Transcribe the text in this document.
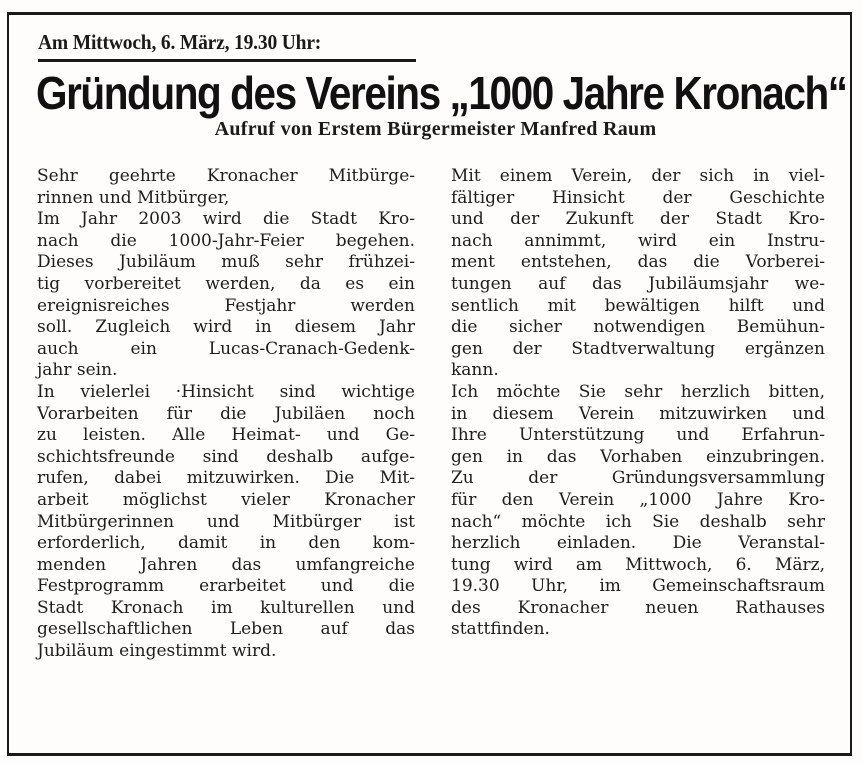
Am Mittwoch, 6. März, 19.30 Uhr:
Gründung des Vereins „1000 Jahre Kronach“
Aufruf von Erstem Bürgermeister Manfred Raum
Sehr geehrte Kronacher Mitbürge-
rinnen und Mitbürger,
Im Jahr 2003 wird die Stadt Kro-
nach die 1000-Jahr-Feier begehen.
Dieses Jubiläum muß sehr frühzei-
tig vorbereitet werden, da es ein
ereignisreiches Festjahr werden
soll. Zugleich wird in diesem Jahr
auch ein Lucas-Cranach-Gedenk-
jahr sein.
In vielerlei ·Hinsicht sind wichtige
Vorarbeiten für die Jubiläen noch
zu leisten. Alle Heimat- und Ge-
schichtsfreunde sind deshalb aufge-
rufen, dabei mitzuwirken. Die Mit-
arbeit möglichst vieler Kronacher
Mitbürgerinnen und Mitbürger ist
erforderlich, damit in den kom-
menden Jahren das umfangreiche
Festprogramm erarbeitet und die
Stadt Kronach im kulturellen und
gesellschaftlichen Leben auf das
Jubiläum eingestimmt wird.
Mit einem Verein, der sich in viel-
fältiger Hinsicht der Geschichte
und der Zukunft der Stadt Kro-
nach annimmt, wird ein Instru-
ment entstehen, das die Vorberei-
tungen auf das Jubiläumsjahr we-
sentlich mit bewältigen hilft und
die sicher notwendigen Bemühun-
gen der Stadtverwaltung ergänzen
kann.
Ich möchte Sie sehr herzlich bitten,
in diesem Verein mitzuwirken und
Ihre Unterstützung und Erfahrun-
gen in das Vorhaben einzubringen.
Zu der Gründungsversammlung
für den Verein „1000 Jahre Kro-
nach“ möchte ich Sie deshalb sehr
herzlich einladen. Die Veranstal-
tung wird am Mittwoch, 6. März,
19.30 Uhr, im Gemeinschaftsraum
des Kronacher neuen Rathauses
stattfinden.
